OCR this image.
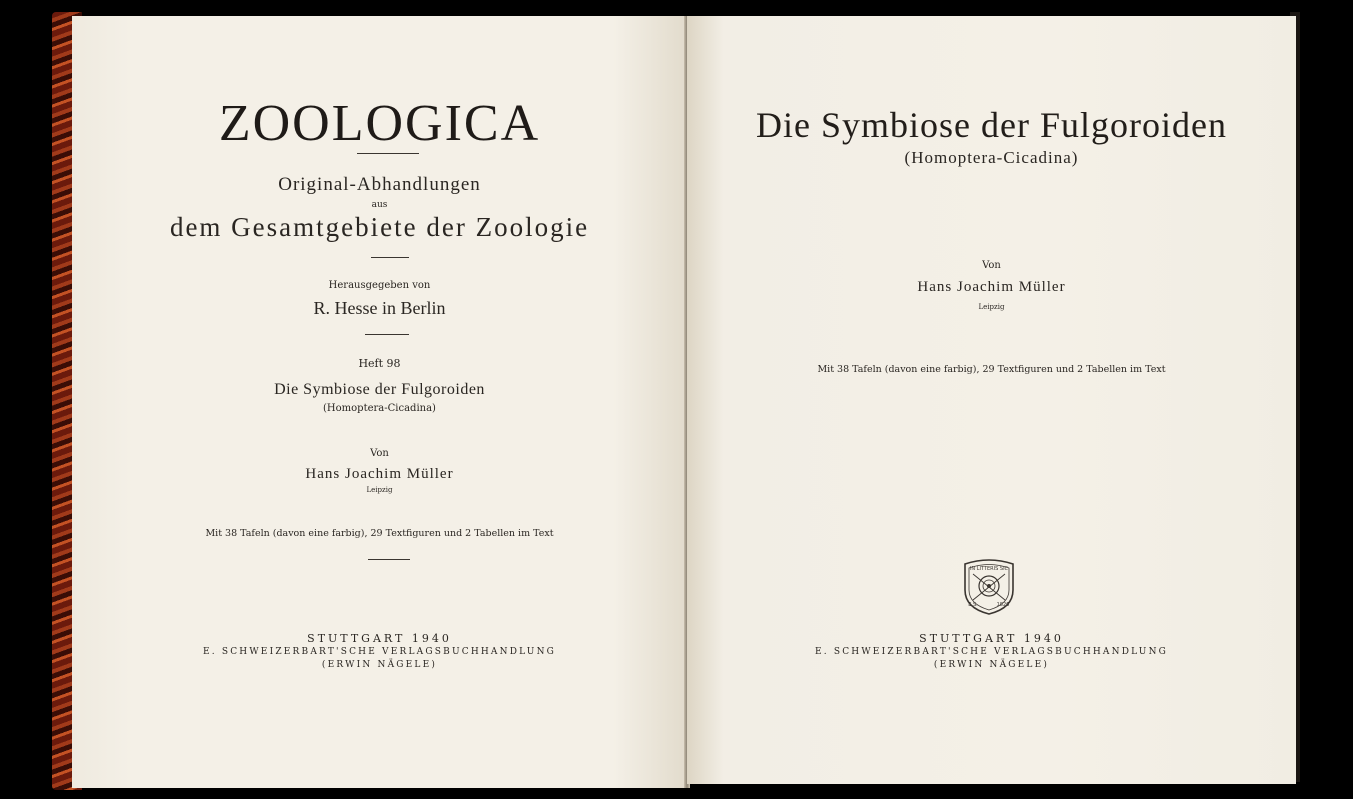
ZOOLOGICA
Original-Abhandlungen
aus
dem Gesamtgebiete der Zoologie
Herausgegeben von
R. Hesse in Berlin
Heft 98
Die Symbiose der Fulgoroiden
(Homoptera-Cicadina)
Von
Hans Joachim Müller
Leipzig
Mit 38 Tafeln (davon eine farbig), 29 Textfiguren und 2 Tabellen im Text
STUTTGART 1940
E. SCHWEIZERBART'SCHE VERLAGSBUCHHANDLUNG
(ERWIN NÄGELE)
Die Symbiose der Fulgoroiden
(Homoptera-Cicadina)
Von
Hans Joachim Müller
Leipzig
Mit 38 Tafeln (davon eine farbig), 29 Textfiguren und 2 Tabellen im Text
IN LITTERIS SIC
E.S.	1826
STUTTGART 1940
E. SCHWEIZERBART'SCHE VERLAGSBUCHHANDLUNG
(ERWIN NÄGELE)
